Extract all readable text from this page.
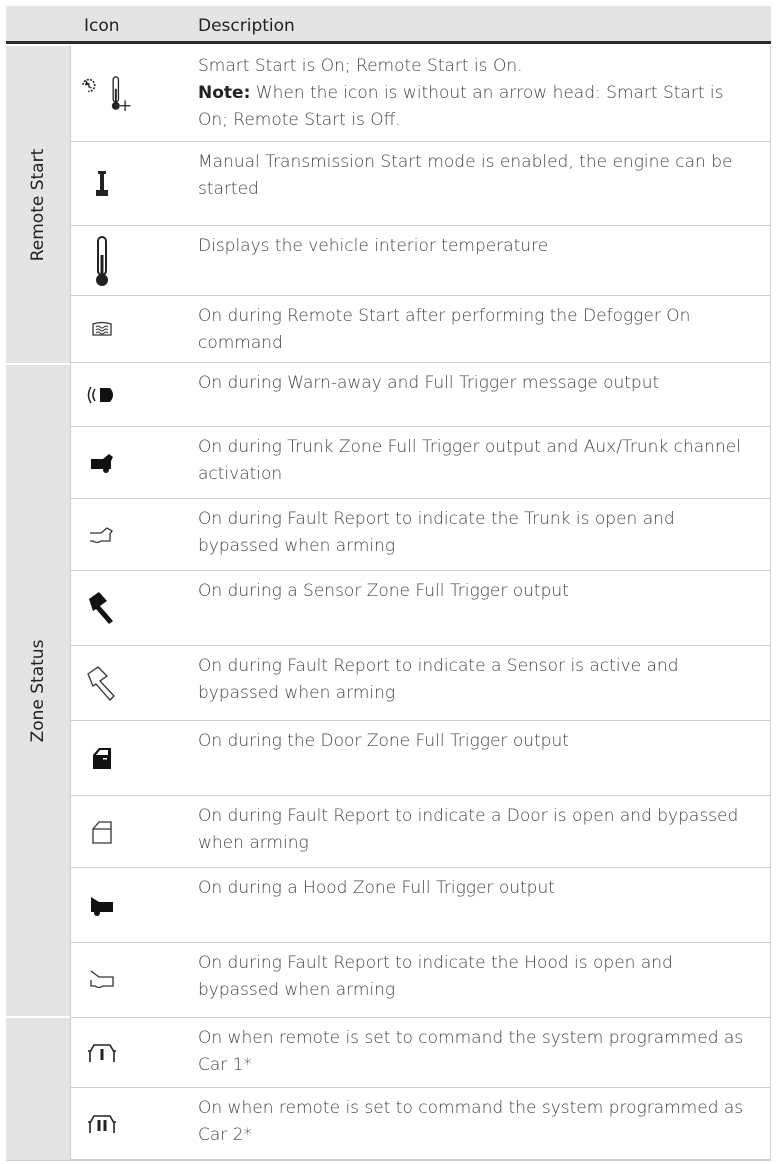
Icon	Description
Remote Start
Zone Status
+
Smart Start is On; Remote Start is On.
Note: When the icon is without an arrow head: Smart Start is On; Remote Start is Off.
Manual Transmission Start mode is enabled, the engine can be started
Displays the vehicle interior temperature
On during Remote Start after performing the Defogger On command
On during Warn-away and Full Trigger message output
On during Trunk Zone Full Trigger output and Aux/Trunk channel activation
On during Fault Report to indicate the Trunk is open and bypassed when arming
On during a Sensor Zone Full Trigger output
On during Fault Report to indicate a Sensor is active and bypassed when arming
On during the Door Zone Full Trigger output
On during Fault Report to indicate a Door is open and bypassed when arming
On during a Hood Zone Full Trigger output
On during Fault Report to indicate the Hood is open and bypassed when arming
On when remote is set to command the system programmed as Car 1*
On when remote is set to command the system programmed as Car 2*
